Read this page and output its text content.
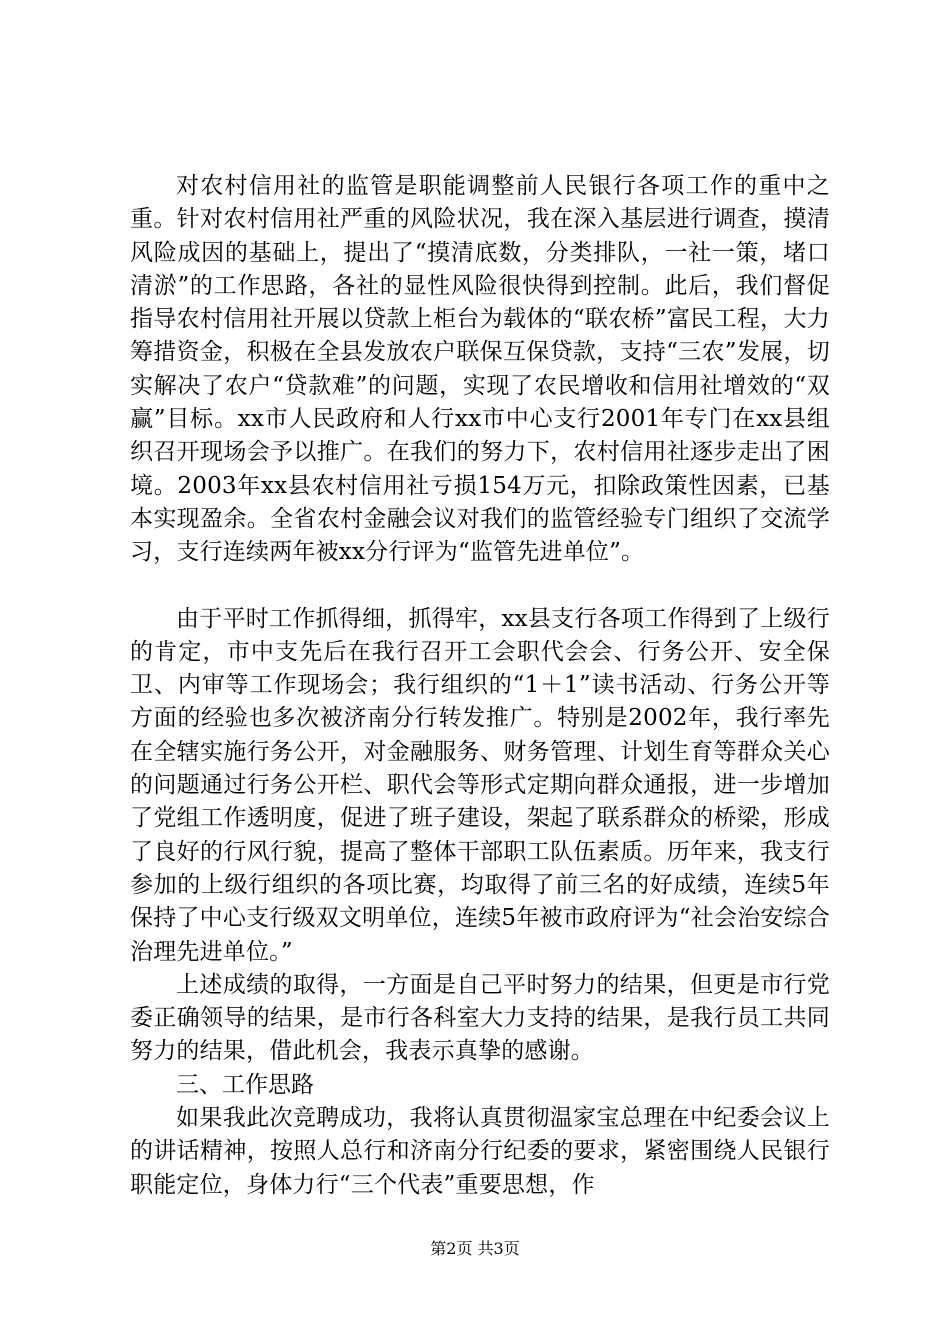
对农村信用社的监管是职能调整前人民银行各项工作的重中之重。针对农村信用社严重的风险状况，我在深入基层进行调查，摸清风险成因的基础上，提出了“摸清底数，分类排队，一社一策，堵口清淤”的工作思路，各社的显性风险很快得到控制。此后，我们督促指导农村信用社开展以贷款上柜台为载体的“联农桥”富民工程，大力筹措资金，积极在全县发放农户联保互保贷款，支持“三农”发展，切实解决了农户“贷款难”的问题，实现了农民增收和信用社增效的“双赢”目标。xx市人民政府和人行xx市中心支行2001年专门在xx县组织召开现场会予以推广。在我们的努力下，农村信用社逐步走出了困境。2003年xx县农村信用社亏损154万元，扣除政策性因素，已基本实现盈余。全省农村金融会议对我们的监管经验专门组织了交流学习，支行连续两年被xx分行评为“监管先进单位”。

由于平时工作抓得细，抓得牢，xx县支行各项工作得到了上级行的肯定，市中支先后在我行召开工会职代会会、行务公开、安全保卫、内审等工作现场会；我行组织的“1＋1”读书活动、行务公开等方面的经验也多次被济南分行转发推广。特别是2002年，我行率先在全辖实施行务公开，对金融服务、财务管理、计划生育等群众关心的问题通过行务公开栏、职代会等形式定期向群众通报，进一步增加了党组工作透明度，促进了班子建设，架起了联系群众的桥梁，形成了良好的行风行貌，提高了整体干部职工队伍素质。历年来，我支行参加的上级行组织的各项比赛，均取得了前三名的好成绩，连续5年保持了中心支行级双文明单位，连续5年被市政府评为“社会治安综合治理先进单位。”

上述成绩的取得，一方面是自己平时努力的结果，但更是市行党委正确领导的结果，是市行各科室大力支持的结果，是我行员工共同努力的结果，借此机会，我表示真挚的感谢。

三、工作思路

如果我此次竞聘成功，我将认真贯彻温家宝总理在中纪委会议上的讲话精神，按照人总行和济南分行纪委的要求，紧密围绕人民银行职能定位，身体力行“三个代表”重要思想，作

第2页 共3页
